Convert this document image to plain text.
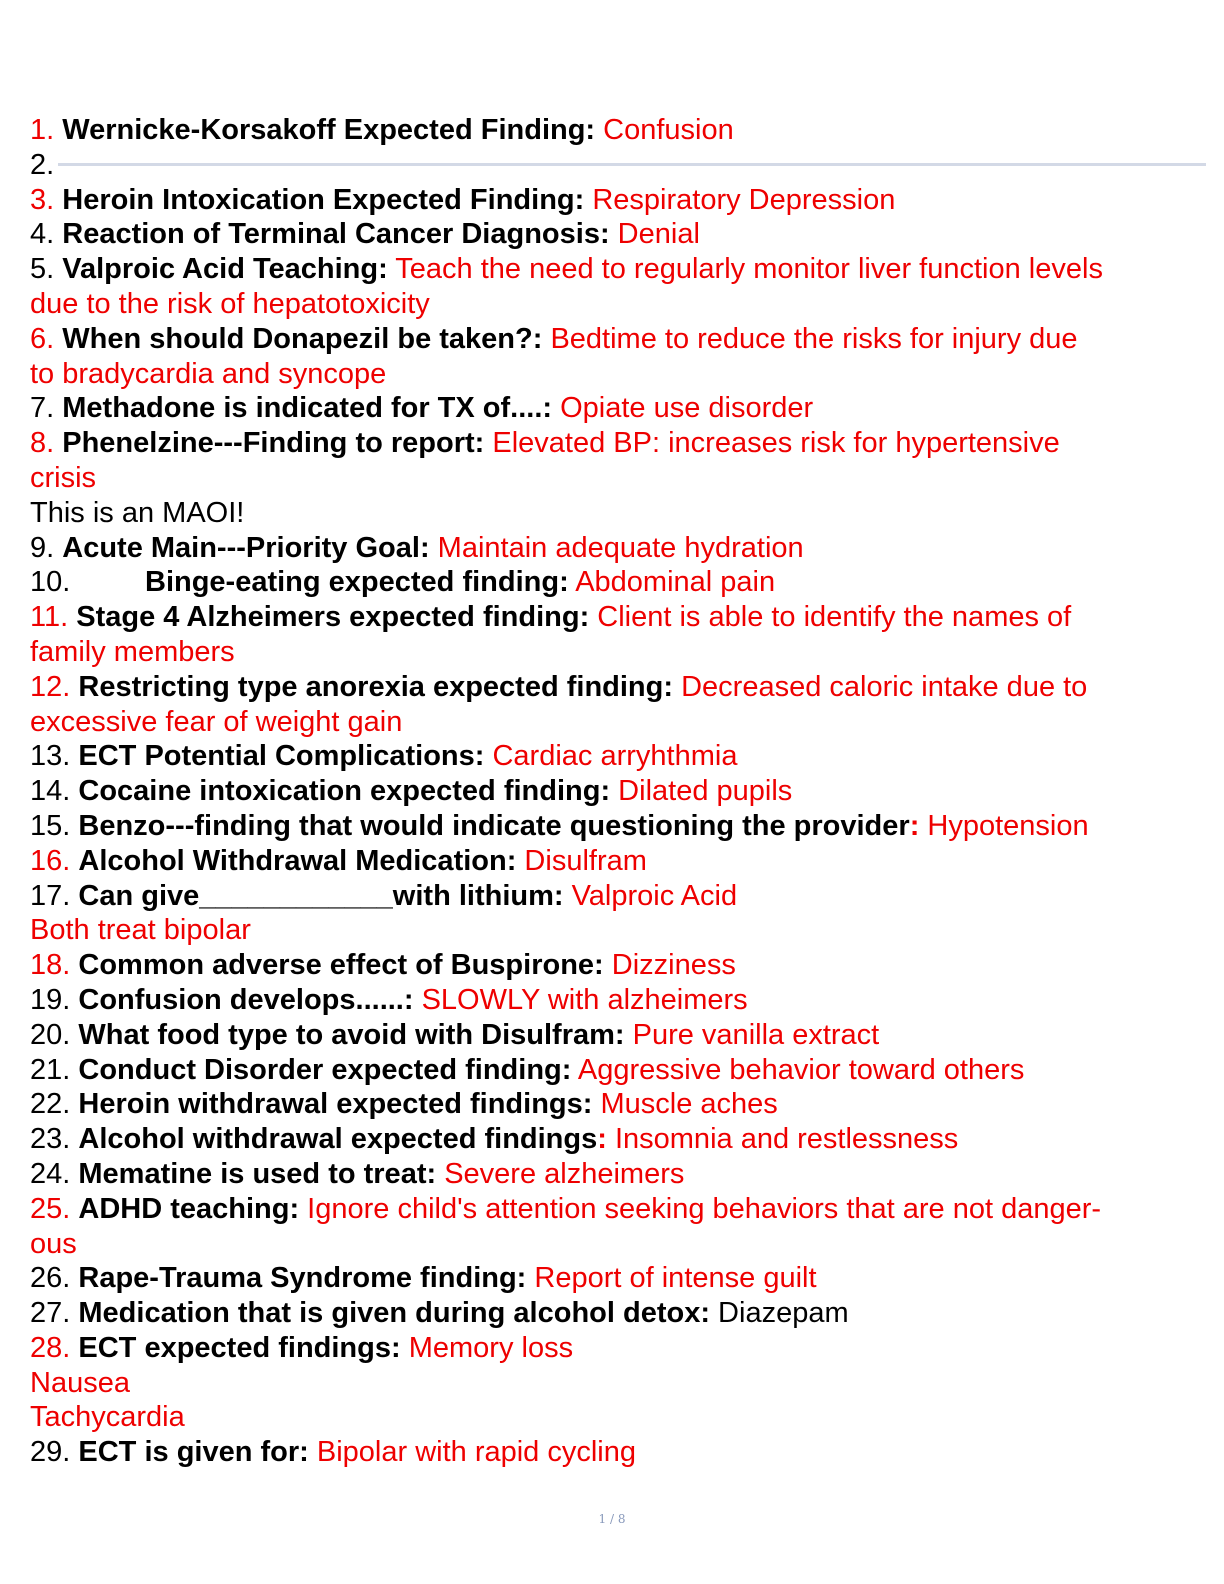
1. Wernicke-Korsakoff Expected Finding: Confusion
2.
3. Heroin Intoxication Expected Finding: Respiratory Depression
4. Reaction of Terminal Cancer Diagnosis: Denial
5. Valproic Acid Teaching: Teach the need to regularly monitor liver function levels
due to the risk of hepatotoxicity
6. When should Donapezil be taken?: Bedtime to reduce the risks for injury due
to bradycardia and syncope
7. Methadone is indicated for TX of....: Opiate use disorder
8. Phenelzine---Finding to report: Elevated BP: increases risk for hypertensive
crisis
This is an MAOI!
9. Acute Main---Priority Goal: Maintain adequate hydration
10.	Binge-eating expected finding: Abdominal pain
11. Stage 4 Alzheimers expected finding: Client is able to identify the names of
family members
12. Restricting type anorexia expected finding: Decreased caloric intake due to
excessive fear of weight gain
13. ECT Potential Complications: Cardiac arryhthmia
14. Cocaine intoxication expected finding: Dilated pupils
15. Benzo---finding that would indicate questioning the provider: Hypotension
16. Alcohol Withdrawal Medication: Disulfram
17. Can give____________with lithium: Valproic Acid
Both treat bipolar
18. Common adverse effect of Buspirone: Dizziness
19. Confusion develops......: SLOWLY with alzheimers
20. What food type to avoid with Disulfram: Pure vanilla extract
21. Conduct Disorder expected finding: Aggressive behavior toward others
22. Heroin withdrawal expected findings: Muscle aches
23. Alcohol withdrawal expected findings: Insomnia and restlessness
24. Mematine is used to treat: Severe alzheimers
25. ADHD teaching: Ignore child's attention seeking behaviors that are not danger-
ous
26. Rape-Trauma Syndrome finding: Report of intense guilt
27. Medication that is given during alcohol detox: Diazepam
28. ECT expected findings: Memory loss
Nausea
Tachycardia
29. ECT is given for: Bipolar with rapid cycling
1 / 8
